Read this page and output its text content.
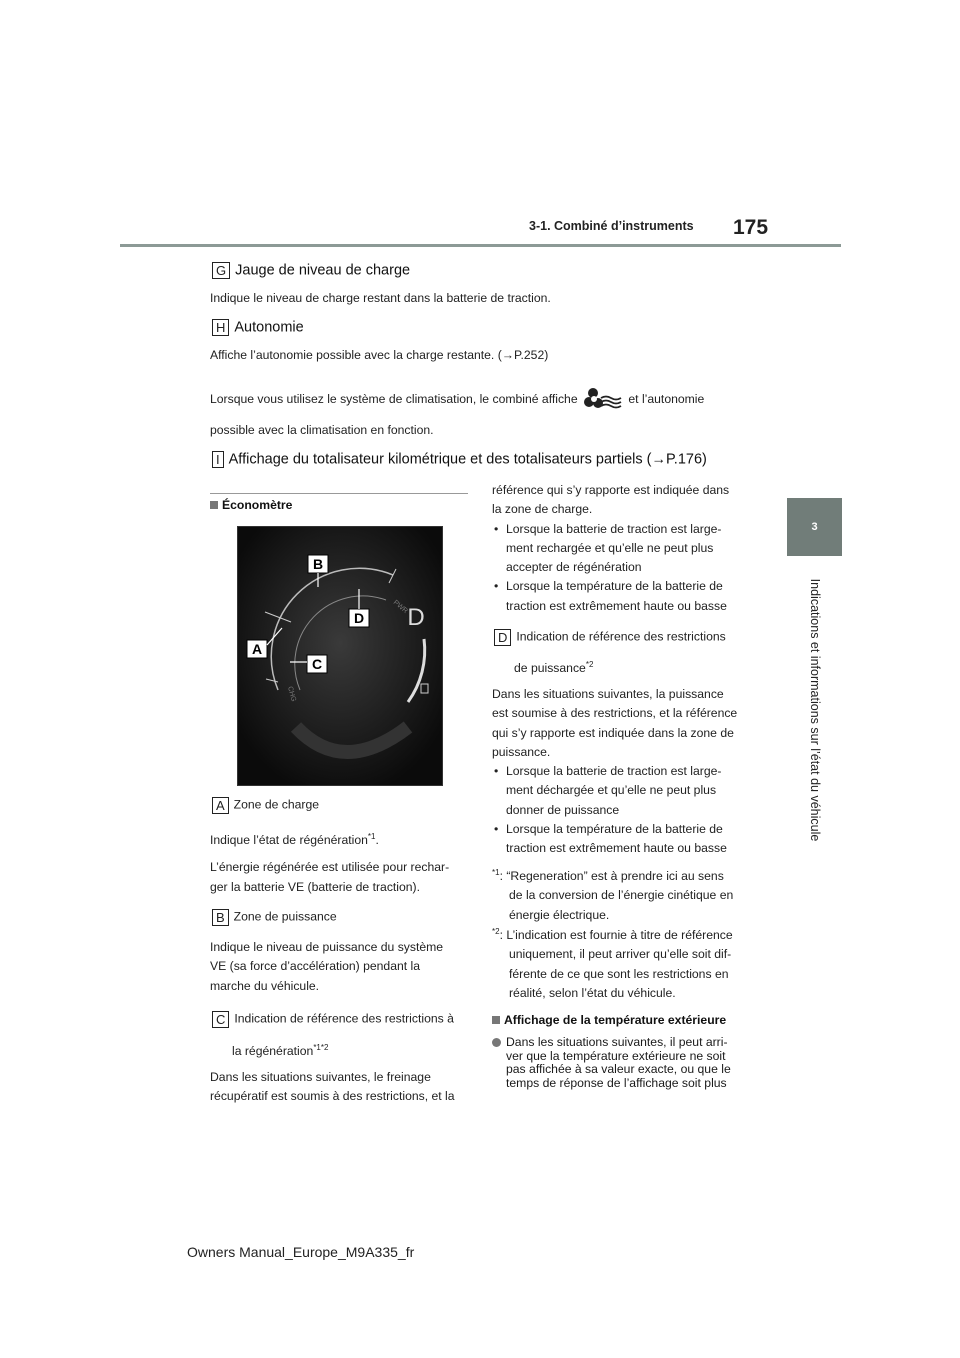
3-1. Combiné d’instruments 175
3
Indications et informations sur l’état du véhicule
G Jauge de niveau de charge
Indique le niveau de charge restant dans la batterie de traction.
H Autonomie
Affiche l’autonomie possible avec la charge restante. (→P.252)
Lorsque vous utilisez le système de climatisation, le combiné affiche	et l’autonomie
possible avec la climatisation en fonction.
I Affichage du totalisateur kilométrique et des totalisateurs partiels (→P.176)
Économètre
B
D
A
C
D
PWR
CHG
A Zone de charge
Indique l’état de régénération$^{*1}$.
L’énergie régénérée est utilisée pour rechar-
ger la batterie VE (batterie de traction).
B Zone de puissance
Indique le niveau de puissance du système
VE (sa force d’accélération) pendant la
marche du véhicule.
C Indication de référence des restrictions à
la régénération$^{*1*2}$
Dans les situations suivantes, le freinage
récupératif est soumis à des restrictions, et la
référence qui s’y rapporte est indiquée dans
la zone de charge.
• Lorsque la batterie de traction est large-
ment rechargée et qu’elle ne peut plus
accepter de régénération
• Lorsque la température de la batterie de
traction est extrêmement haute ou basse
D Indication de référence des restrictions
de puissance$^{*2}$
Dans les situations suivantes, la puissance
est soumise à des restrictions, et la référence
qui s’y rapporte est indiquée dans la zone de
puissance.
• Lorsque la batterie de traction est large-
ment déchargée et qu’elle ne peut plus
donner de puissance
• Lorsque la température de la batterie de
traction est extrêmement haute ou basse
$^{*1}$: “Regeneration” est à prendre ici au sens
de la conversion de l’énergie cinétique en
énergie électrique.
$^{*2}$: L’indication est fournie à titre de référence
uniquement, il peut arriver qu’elle soit dif-
férente de ce que sont les restrictions en
réalité, selon l’état du véhicule.
Affichage de la température extérieure
Dans les situations suivantes, il peut arri-
ver que la température extérieure ne soit
pas affichée à sa valeur exacte, ou que le
temps de réponse de l’affichage soit plus
Owners Manual_Europe_M9A335_fr
